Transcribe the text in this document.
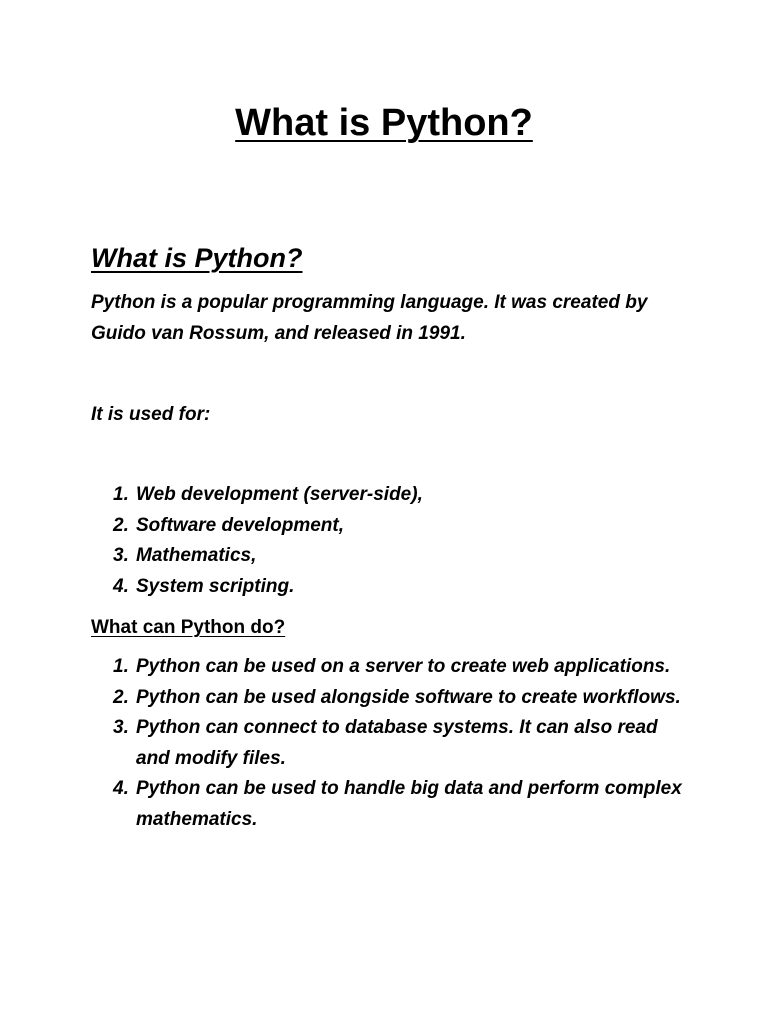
What is Python?
What is Python?

Python is a popular programming language. It was created by Guido van Rossum, and released in 1991.

It is used for:

1. Web development (server-side),
2. Software development,
3. Mathematics,
4. System scripting.

What can Python do?

1. Python can be used on a server to create web applications.
2. Python can be used alongside software to create workflows.
3. Python can connect to database systems. It can also read and modify files.
4. Python can be used to handle big data and perform complex mathematics.
